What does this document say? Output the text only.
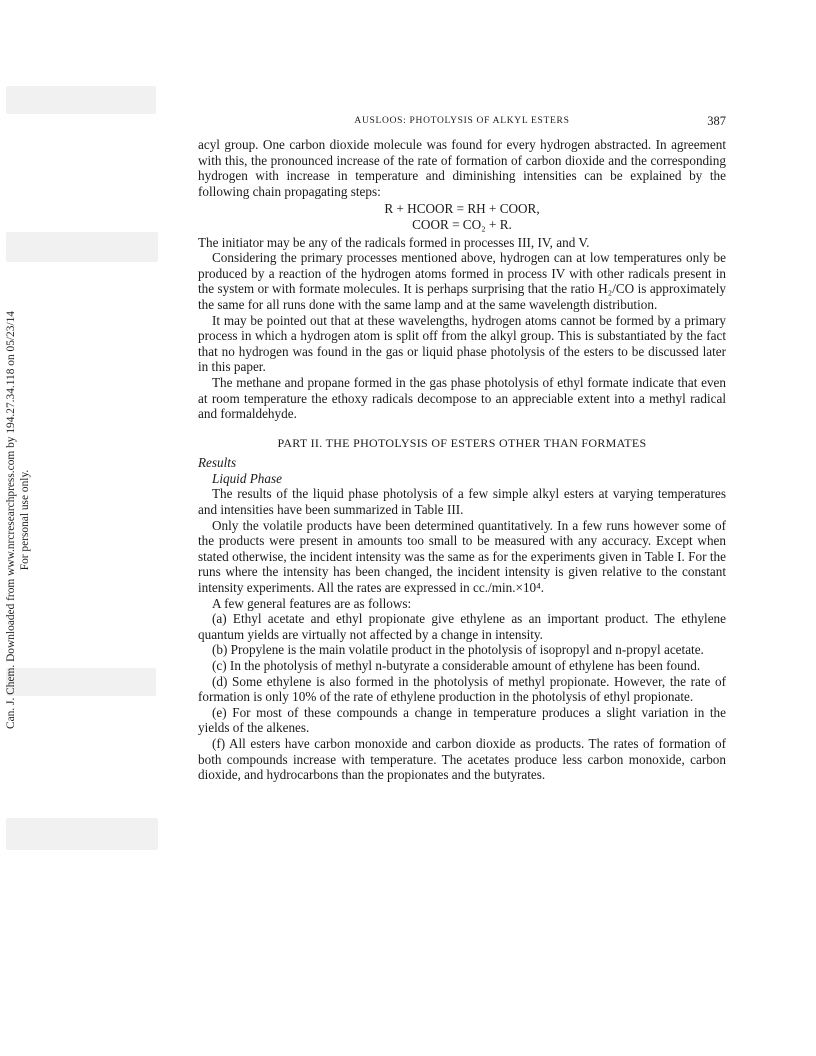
Can. J. Chem. Downloaded from www.nrcresearchpress.com by 194.27.34.118 on 05/23/14 For personal use only.
AUSLOOS: PHOTOLYSIS OF ALKYL ESTERS	387

acyl group. One carbon dioxide molecule was found for every hydrogen abstracted. In agreement with this, the pronounced increase of the rate of formation of carbon dioxide and the corresponding hydrogen with increase in temperature and diminishing intensities can be explained by the following chain propagating steps:

R + HCOOR = RH + COOR,
COOR = CO₂ + R.

The initiator may be any of the radicals formed in processes III, IV, and V.

Considering the primary processes mentioned above, hydrogen can at low temperatures only be produced by a reaction of the hydrogen atoms formed in process IV with other radicals present in the system or with formate molecules. It is perhaps surprising that the ratio H₂/CO is approximately the same for all runs done with the same lamp and at the same wavelength distribution.

It may be pointed out that at these wavelengths, hydrogen atoms cannot be formed by a primary process in which a hydrogen atom is split off from the alkyl group. This is substantiated by the fact that no hydrogen was found in the gas or liquid phase photolysis of the esters to be discussed later in this paper.

The methane and propane formed in the gas phase photolysis of ethyl formate indicate that even at room temperature the ethoxy radicals decompose to an appreciable extent into a methyl radical and formaldehyde.

PART II. THE PHOTOLYSIS OF ESTERS OTHER THAN FORMATES

Results

Liquid Phase

The results of the liquid phase photolysis of a few simple alkyl esters at varying temperatures and intensities have been summarized in Table III.

Only the volatile products have been determined quantitatively. In a few runs however some of the products were present in amounts too small to be measured with any accuracy. Except when stated otherwise, the incident intensity was the same as for the experiments given in Table I. For the runs where the intensity has been changed, the incident intensity is given relative to the constant intensity experiments. All the rates are expressed in cc./min.×10⁴.

A few general features are as follows:

(a) Ethyl acetate and ethyl propionate give ethylene as an important product. The ethylene quantum yields are virtually not affected by a change in intensity.

(b) Propylene is the main volatile product in the photolysis of isopropyl and n-propyl acetate.

(c) In the photolysis of methyl n-butyrate a considerable amount of ethylene has been found.

(d) Some ethylene is also formed in the photolysis of methyl propionate. However, the rate of formation is only 10% of the rate of ethylene production in the photolysis of ethyl propionate.

(e) For most of these compounds a change in temperature produces a slight variation in the yields of the alkenes.

(f) All esters have carbon monoxide and carbon dioxide as products. The rates of formation of both compounds increase with temperature. The acetates produce less carbon monoxide, carbon dioxide, and hydrocarbons than the propionates and the butyrates.
